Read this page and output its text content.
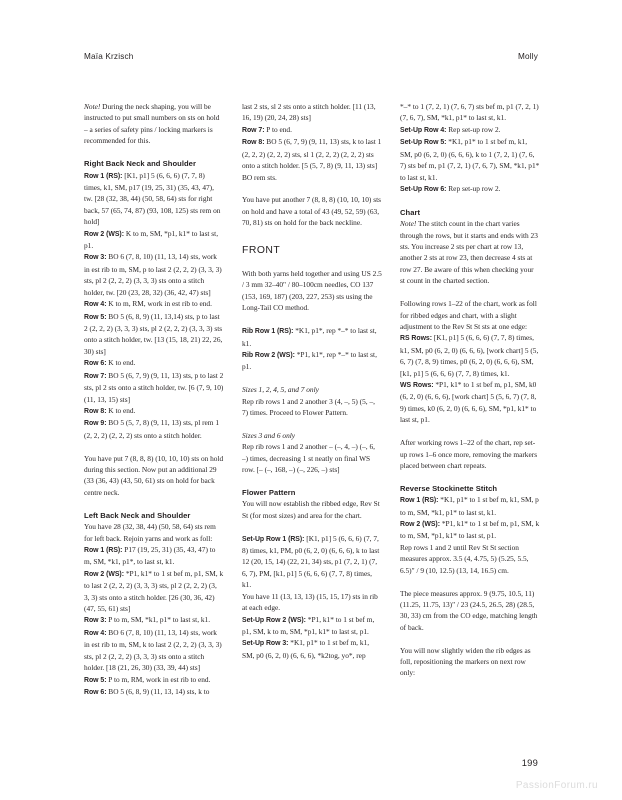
Maïa Krzisch	Molly

Note! During the neck shaping, you will be instructed to put small numbers on sts on hold – a series of safety pins / locking markers is recommended for this.

Right Back Neck and Shoulder

Row 1 (RS): [K1, p1] 5 (6, 6, 6) (7, 7, 8) times, k1, SM, p17 (19, 25, 31) (35, 43, 47), tw. [28 (32, 38, 44) (50, 58, 64) sts for right back, 57 (65, 74, 87) (93, 108, 125) sts rem on hold]

Row 2 (WS): K to m, SM, *p1, k1* to last st, p1.

Row 3: BO 6 (7, 8, 10) (11, 13, 14) sts, work in est rib to m, SM, p to last 2 (2, 2, 2) (3, 3, 3) sts, pl 2 (2, 2, 2) (3, 3, 3) sts onto a stitch holder, tw. [20 (23, 28, 32) (36, 42, 47) sts]

Row 4: K to m, RM, work in est rib to end.

Row 5: BO 5 (6, 8, 9) (11, 13,14) sts, p to last 2 (2, 2, 2) (3, 3, 3) sts, pl 2 (2, 2, 2) (3, 3, 3) sts onto a stitch holder, tw. [13 (15, 18, 21) 22, 26, 30) sts]

Row 6: K to end.

Row 7: BO 5 (6, 7, 9) (9, 11, 13) sts, p to last 2 sts, pl 2 sts onto a stitch holder, tw. [6 (7, 9, 10) (11, 13, 15) sts]

Row 8: K to end.

Row 9: BO 5 (5, 7, 8) (9, 11, 13) sts, pl rem 1 (2, 2, 2) (2, 2, 2) sts onto a stitch holder.

You have put 7 (8, 8, 8) (10, 10, 10) sts on hold during this section. Now put an additional 29 (33 (36, 43) (43, 50, 61) sts on hold for back centre neck.

Left Back Neck and Shoulder

You have 28 (32, 38, 44) (50, 58, 64) sts rem for left back. Rejoin yarns and work as foll:

Row 1 (RS): P17 (19, 25, 31) (35, 43, 47) to m, SM, *k1, p1*, to last st, k1.

Row 2 (WS): *P1, k1* to 1 st bef m, p1, SM, k to last 2 (2, 2, 2) (3, 3, 3) sts, pl 2 (2, 2, 2) (3, 3, 3) sts onto a stitch holder. [26 (30, 36, 42) (47, 55, 61) sts]

Row 3: P to m, SM, *k1, p1* to last st, k1.

Row 4: BO 6 (7, 8, 10) (11, 13, 14) sts, work in est rib to m, SM, k to last 2 (2, 2, 2) (3, 3, 3) sts, pl 2 (2, 2, 2) (3, 3, 3) sts onto a stitch holder. [18 (21, 26, 30) (33, 39, 44) sts]

Row 5: P to m, RM, work in est rib to end.

Row 6: BO 5 (6, 8, 9) (11, 13, 14) sts, k to

last 2 sts, sl 2 sts onto a stitch holder. [11 (13, 16, 19) (20, 24, 28) sts]

Row 7: P to end.

Row 8: BO 5 (6, 7, 9) (9, 11, 13) sts, k to last 1 (2, 2, 2) (2, 2, 2) sts, sl 1 (2, 2, 2) (2, 2, 2) sts onto a stitch holder. [5 (5, 7, 8) (9, 11, 13) sts]

BO rem sts.

You have put another 7 (8, 8, 8) (10, 10, 10) sts on hold and have a total of 43 (49, 52, 59) (63, 70, 81) sts on hold for the back neckline.

FRONT

With both yarns held together and using US 2.5 / 3 mm 32–40" / 80–100cm needles, CO 137 (153, 169, 187) (203, 227, 253) sts using the Long-Tail CO method.

Rib Row 1 (RS): *K1, p1*, rep *–* to last st, k1.

Rib Row 2 (WS): *P1, k1*, rep *–* to last st, p1.

Sizes 1, 2, 4, 5, and 7 only

Rep rib rows 1 and 2 another 3 (4, –, 5) (5, –, 7) times. Proceed to Flower Pattern.

Sizes 3 and 6 only

Rep rib rows 1 and 2 another – (–, 4, –) (–, 6, –) times, decreasing 1 st neatly on final WS row. [– (–, 168, –) (–, 226, –) sts]

Flower Pattern

You will now establish the ribbed edge, Rev St St (for most sizes) and area for the chart.

Set-Up Row 1 (RS): [K1, p1] 5 (6, 6, 6) (7, 7, 8) times, k1, PM, p0 (6, 2, 0) (6, 6, 6), k to last 12 (20, 15, 14) (22, 21, 34) sts, p1 (7, 2, 1) (7, 6, 7), PM, [k1, p1] 5 (6, 6, 6) (7, 7, 8) times, k1.

You have 11 (13, 13, 13) (15, 15, 17) sts in rib at each edge.

Set-Up Row 2 (WS): *P1, k1* to 1 st bef m, p1, SM, k to m, SM, *p1, k1* to last st, p1.

Set-Up Row 3: *K1, p1* to 1 st bef m, k1, SM, p0 (6, 2, 0) (6, 6, 6), *k2tog, yo*, rep

*–* to 1 (7, 2, 1) (7, 6, 7) sts bef m, p1 (7, 2, 1) (7, 6, 7), SM, *k1, p1* to last st, k1.

Set-Up Row 4: Rep set-up row 2.

Set-Up Row 5: *K1, p1* to 1 st bef m, k1, SM, p0 (6, 2, 0) (6, 6, 6), k to 1 (7, 2, 1) (7, 6, 7) sts bef m, p1 (7, 2, 1) (7, 6, 7), SM, *k1, p1* to last st, k1.

Set-Up Row 6: Rep set-up row 2.

Chart

Note! The stitch count in the chart varies through the rows, but it starts and ends with 23 sts. You increase 2 sts per chart at row 13, another 2 sts at row 23, then decrease 4 sts at row 27. Be aware of this when checking your st count in the charted section.

Following rows 1–22 of the chart, work as foll for ribbed edges and chart, with a slight adjustment to the Rev St St sts at one edge:

RS Rows: [K1, p1] 5 (6, 6, 6) (7, 7, 8) times, k1, SM, p0 (6, 2, 0) (6, 6, 6), [work chart] 5 (5, 6, 7) (7, 8, 9) times, p0 (6, 2, 0) (6, 6, 6), SM, [k1, p1] 5 (6, 6, 6) (7, 7, 8) times, k1.

WS Rows: *P1, k1* to 1 st bef m, p1, SM, k0 (6, 2, 0) (6, 6, 6), [work chart] 5 (5, 6, 7) (7, 8, 9) times, k0 (6, 2, 0) (6, 6, 6), SM, *p1, k1* to last st, p1.

After working rows 1–22 of the chart, rep set-up rows 1–6 once more, removing the markers placed between chart repeats.

Reverse Stockinette Stitch

Row 1 (RS): *K1, p1* to 1 st bef m, k1, SM, p to m, SM, *k1, p1* to last st, k1.

Row 2 (WS): *P1, k1* to 1 st bef m, p1, SM, k to m, SM, *p1, k1* to last st, p1.

Rep rows 1 and 2 until Rev St St section measures approx. 3.5 (4, 4.75, 5) (5.25, 5.5, 6.5)" / 9 (10, 12.5) (13, 14, 16.5) cm.

The piece measures approx. 9 (9.75, 10.5, 11) (11.25, 11.75, 13)" / 23 (24.5, 26.5, 28) (28.5, 30, 33) cm from the CO edge, matching length of back.

You will now slightly widen the rib edges as foll, repositioning the markers on next row only:

199
PassionForum.ru
